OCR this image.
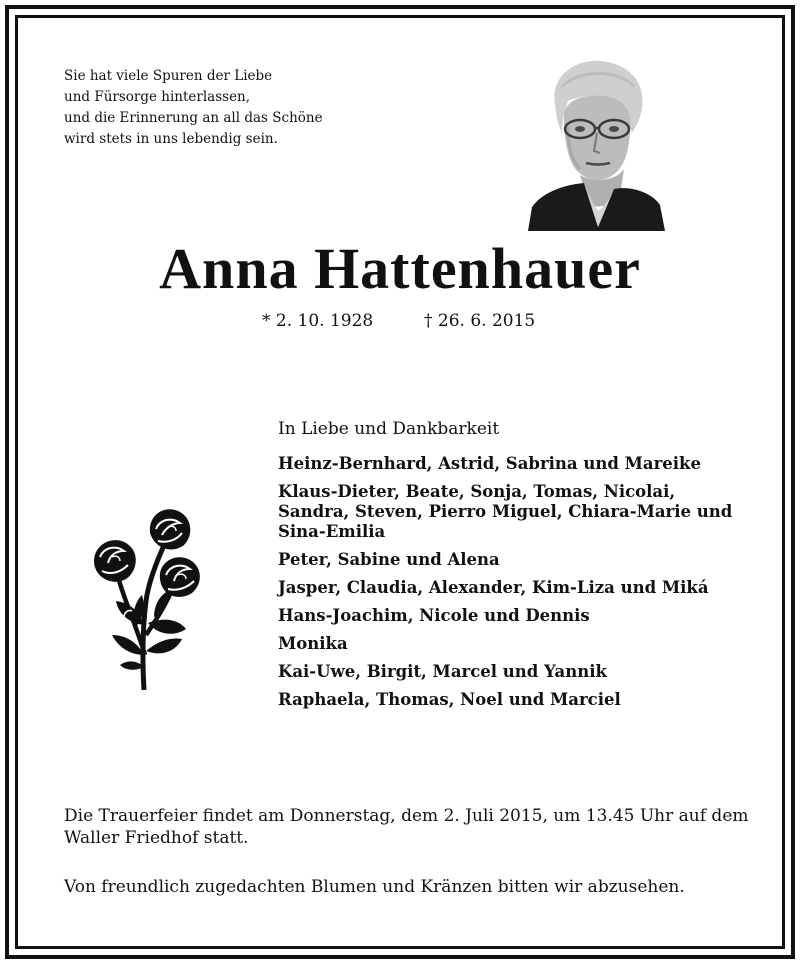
Sie hat viele Spuren der Liebe
und Fürsorge hinterlassen,
und die Erinnerung an all das Schöne
wird stets in uns lebendig sein.
Anna Hattenhauer
* 2. 10. 1928	† 26. 6. 2015
In Liebe und Dankbarkeit
Heinz-Bernhard, Astrid, Sabrina und Mareike
Klaus-Dieter, Beate, Sonja, Tomas, Nicolai, Sandra, Steven, Pierro Miguel, Chiara-Marie und Sina-Emilia
Peter, Sabine und Alena
Jasper, Claudia, Alexander, Kim-Liza und Miká
Hans-Joachim, Nicole und Dennis
Monika
Kai-Uwe, Birgit, Marcel und Yannik
Raphaela, Thomas, Noel und Marciel
Die Trauerfeier findet am Donnerstag, dem 2. Juli 2015, um 13.45 Uhr auf dem Waller Friedhof statt.
Von freundlich zugedachten Blumen und Kränzen bitten wir abzusehen.
